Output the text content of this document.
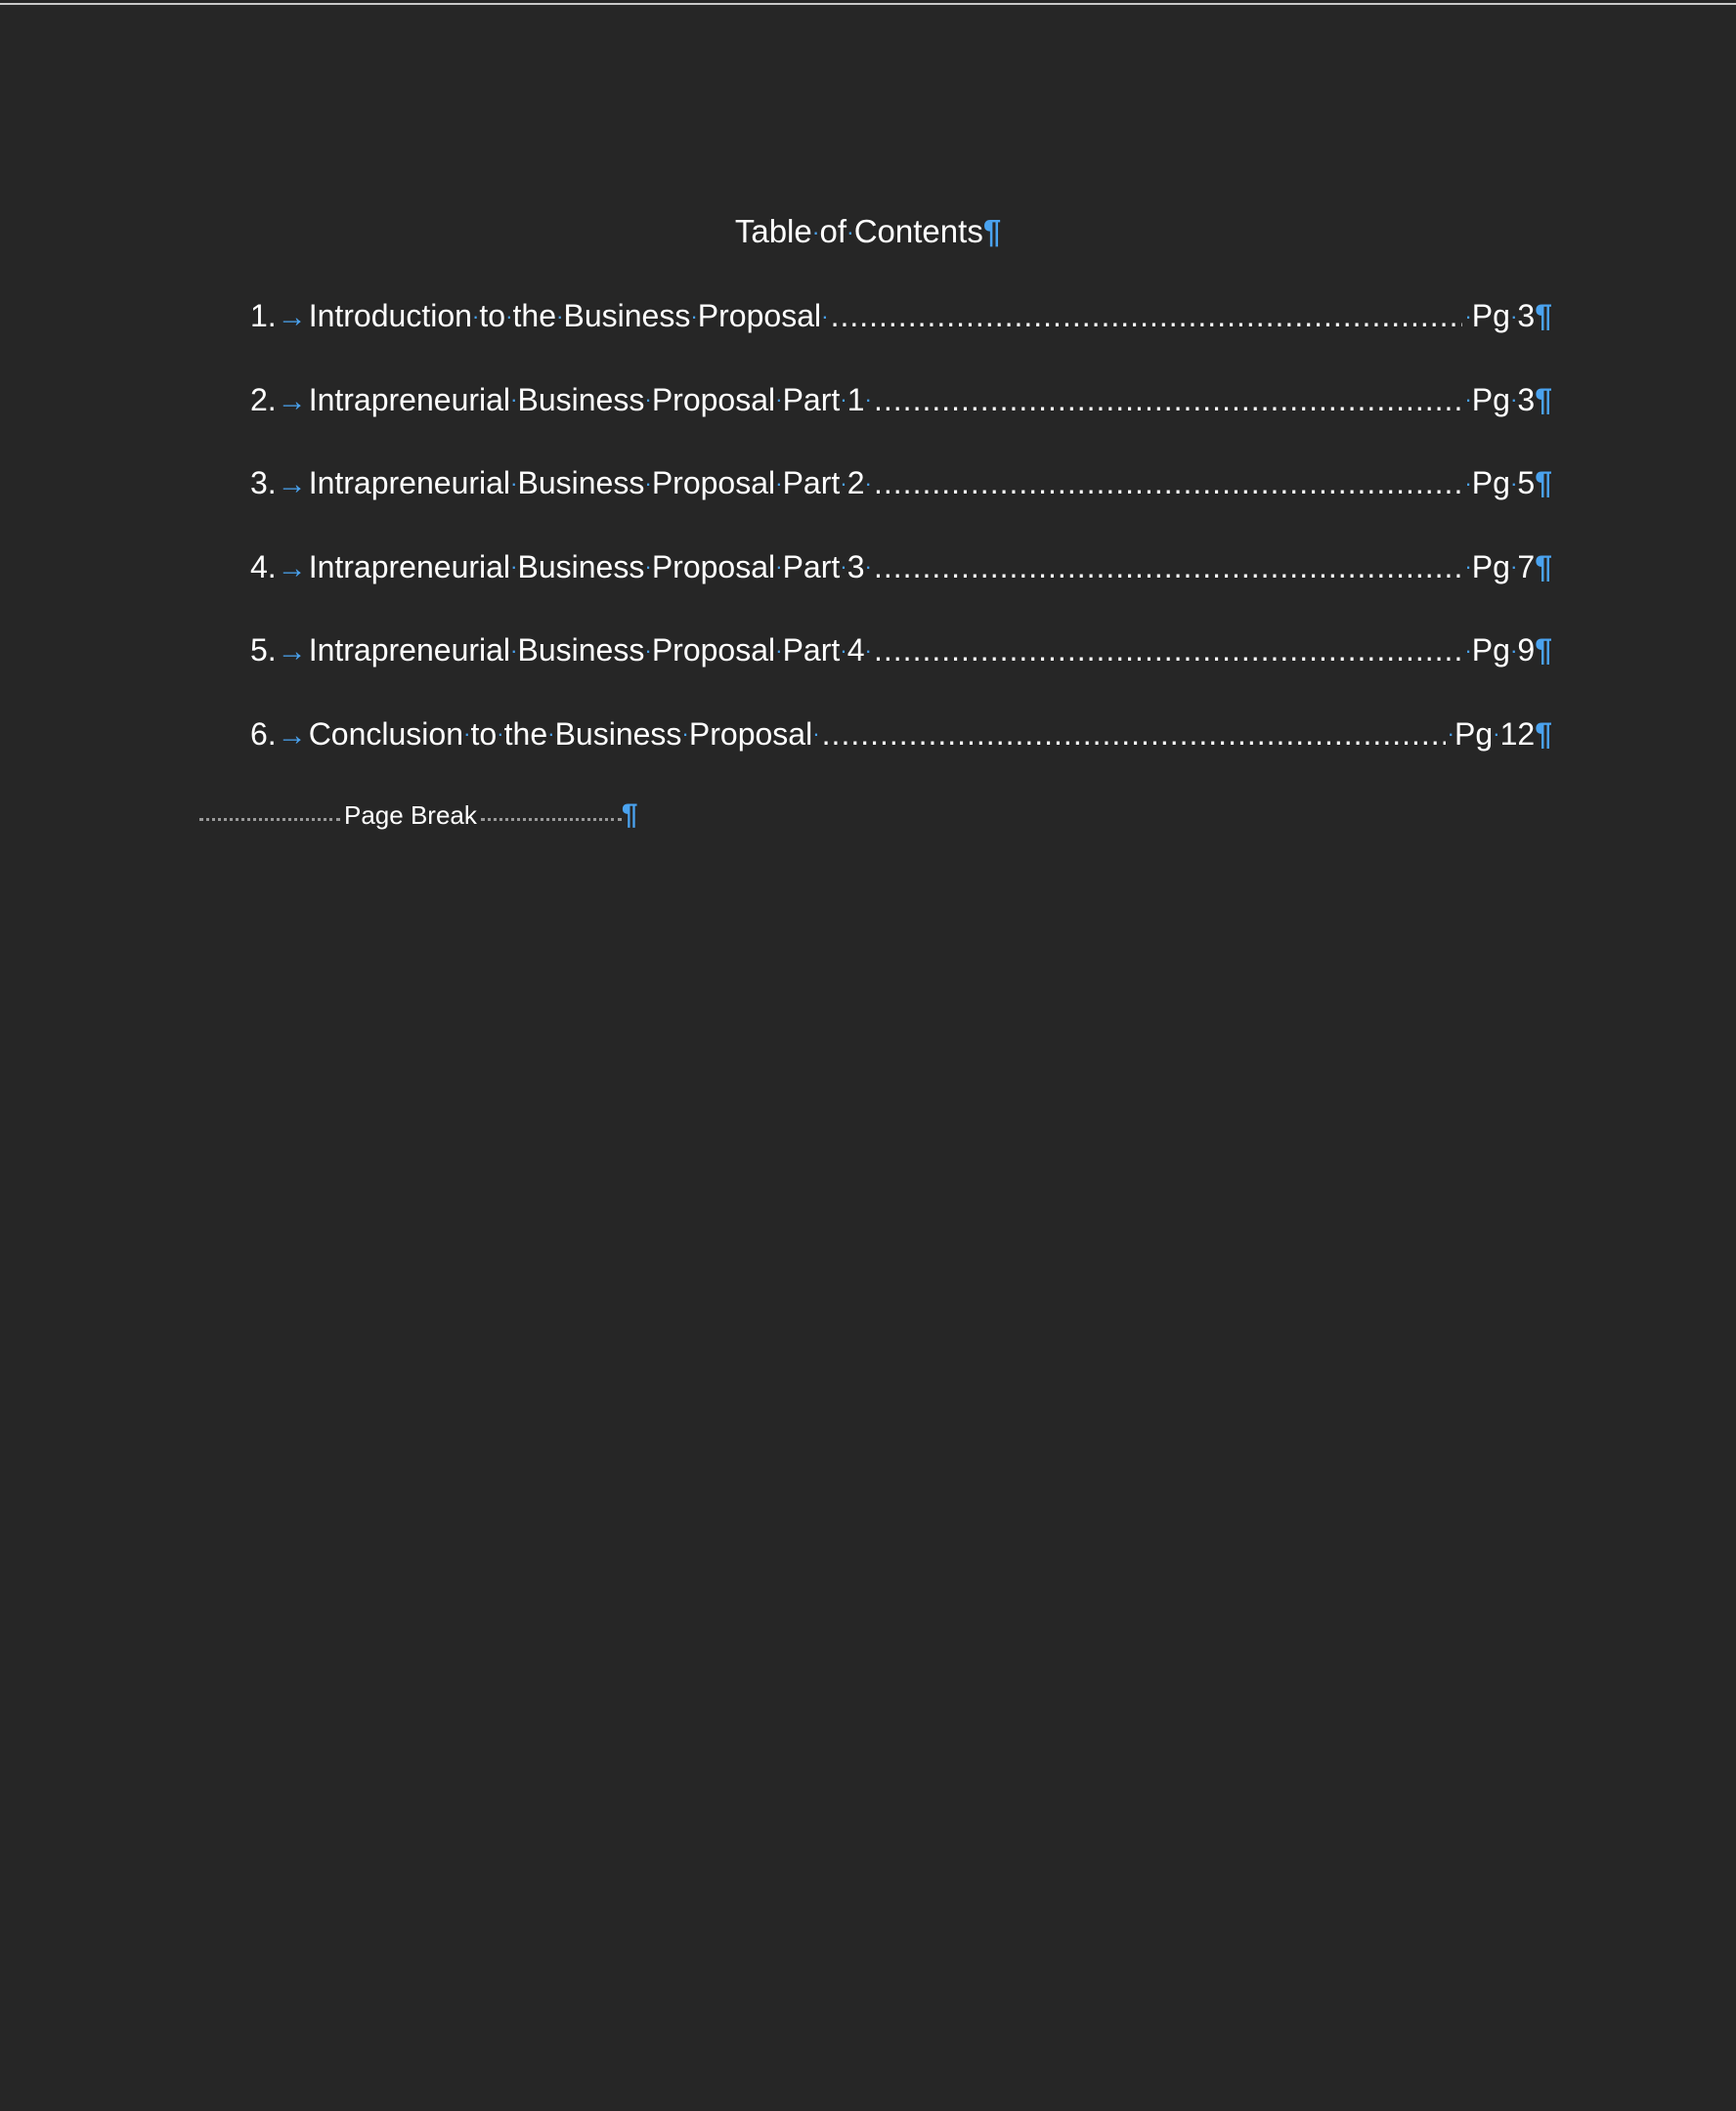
Table·of·Contents¶
1. → Introduction·to·the·Business·Proposal· .....	·Pg·3 ¶
2. → Intrapreneurial·Business·Proposal·Part·1· .....	·Pg·3 ¶
3. → Intrapreneurial·Business·Proposal·Part·2· .....	·Pg·5 ¶
4. → Intrapreneurial·Business·Proposal·Part·3· .....	·Pg·7 ¶
5. → Intrapreneurial·Business·Proposal·Part·4· .....	·Pg·9 ¶
6. → Conclusion·to·the·Business·Proposal· .....	·Pg·12 ¶
Page Break	¶
